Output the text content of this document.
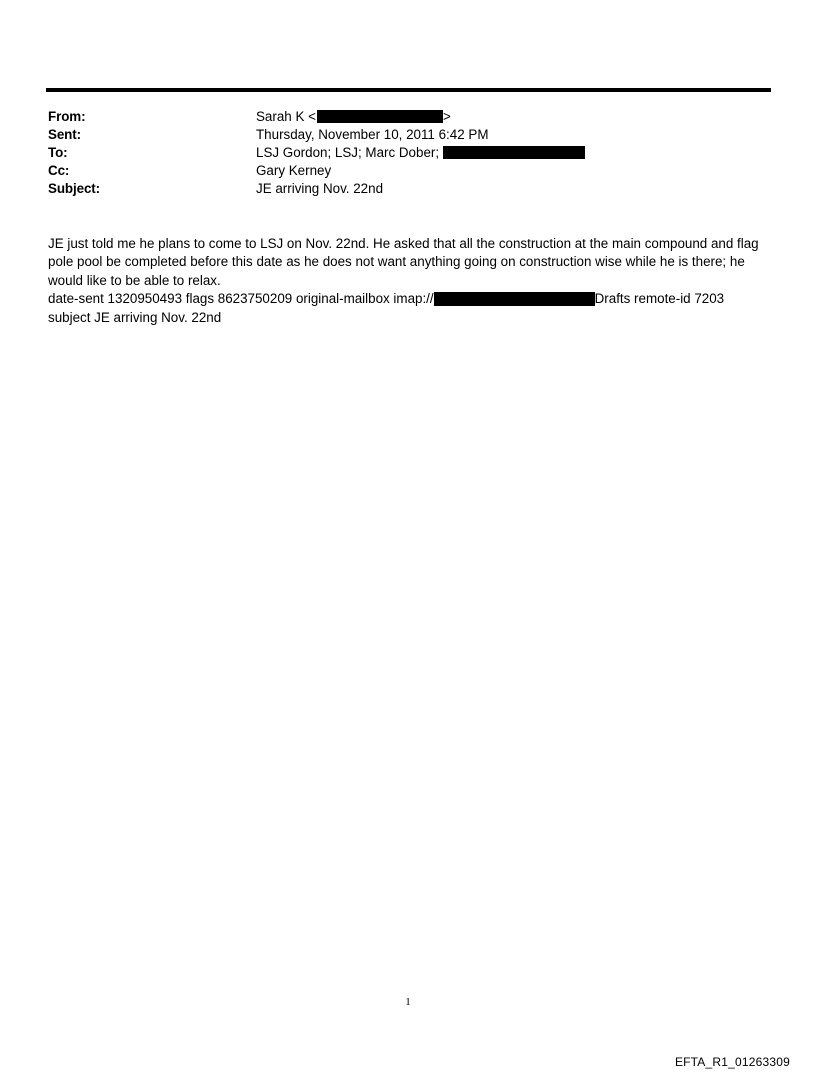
From:	Sarah K <	>
Sent:	Thursday, November 10, 2011 6:42 PM
To:	LSJ Gordon; LSJ; Marc Dober;
Cc:	Gary Kerney
Subject:	JE arriving Nov. 22nd

JE just told me he plans to come to LSJ on Nov. 22nd. He asked that all the construction at the main compound and flag pole pool be completed before this date as he does not want anything going on construction wise while he is there; he would like to be able to relax.

date-sent 1320950493 flags 8623750209 original-mailbox imap://	Drafts remote-id 7203

subject JE arriving Nov. 22nd

1
EFTA_R1_01263309
